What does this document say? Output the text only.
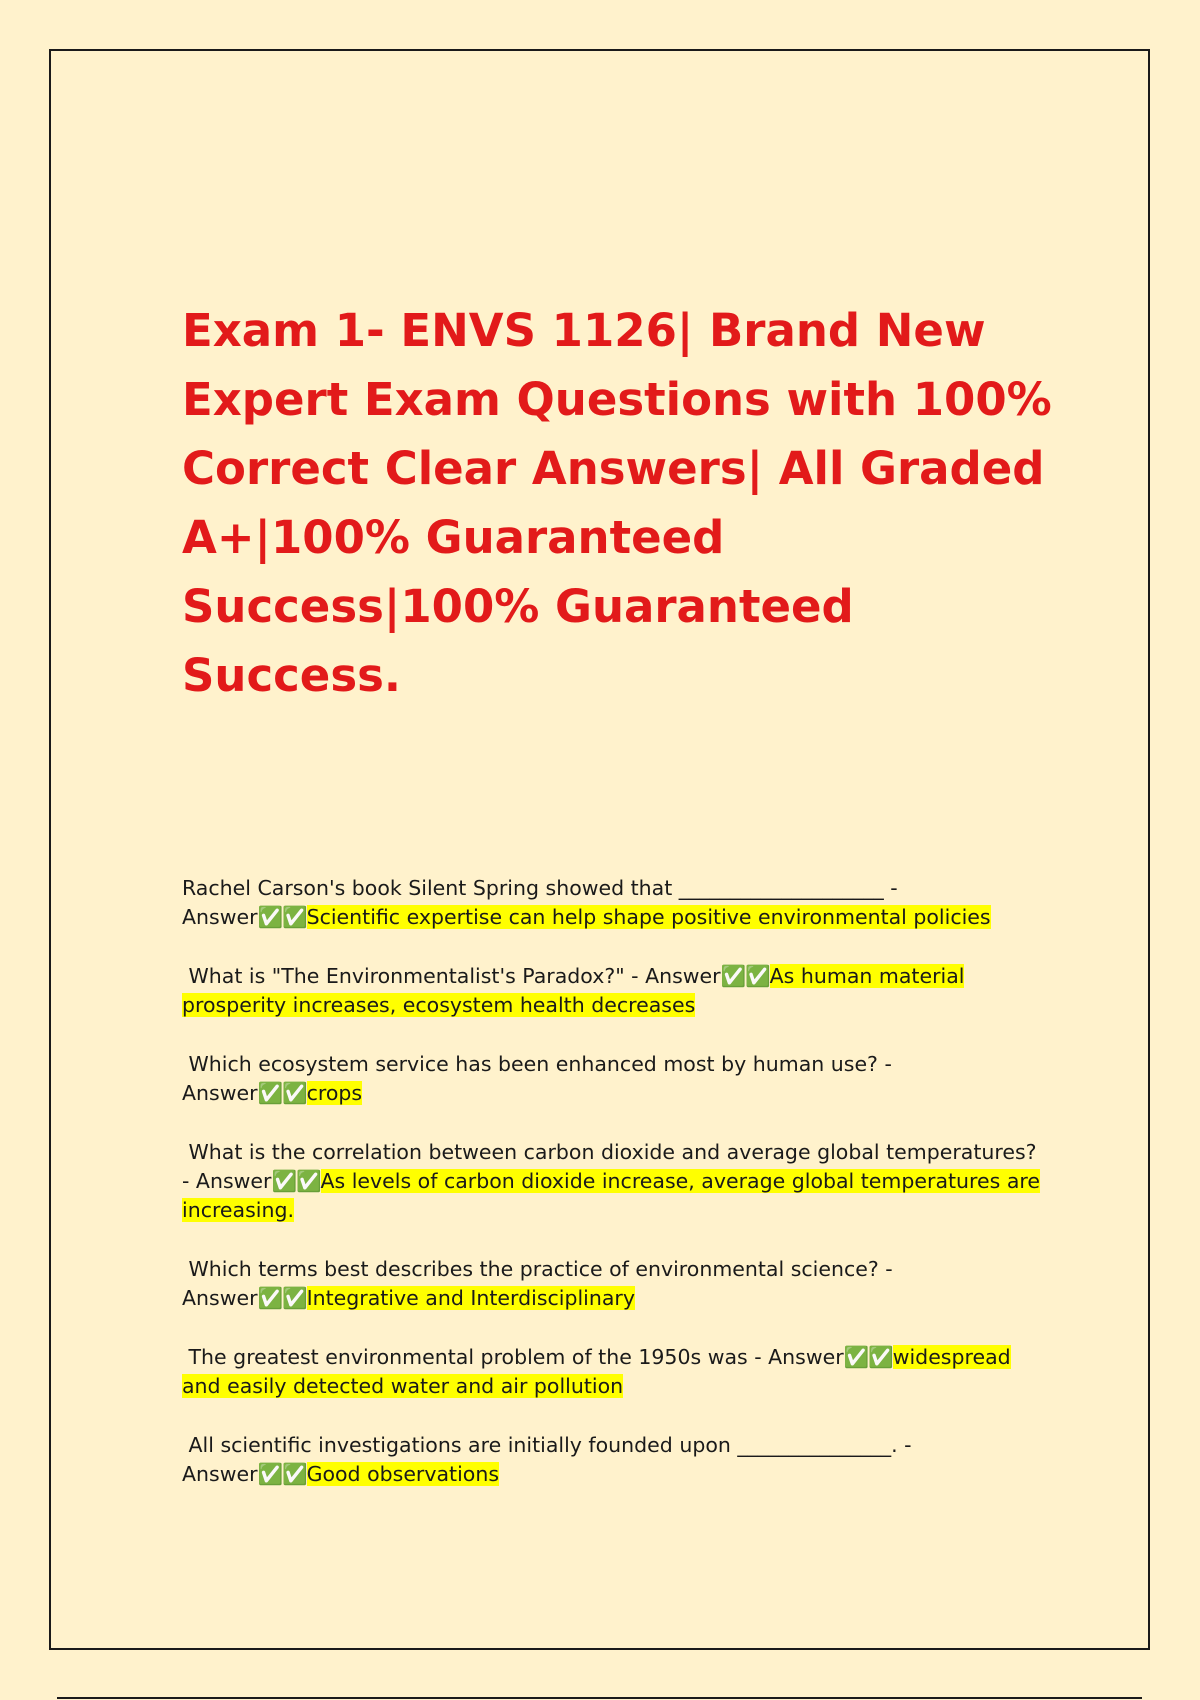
Exam 1- ENVS 1126| Brand New Expert Exam Questions with 100% Correct Clear Answers| All Graded A+|100% Guaranteed Success|100% Guaranteed Success.
Rachel Carson's book Silent Spring showed that ____________________ - Answer✅✅Scientific expertise can help shape positive environmental policies
What is "The Environmentalist's Paradox?" - Answer✅✅As human material prosperity increases, ecosystem health decreases
Which ecosystem service has been enhanced most by human use? - Answer✅✅crops
What is the correlation between carbon dioxide and average global temperatures? - Answer✅✅As levels of carbon dioxide increase, average global temperatures are increasing.
Which terms best describes the practice of environmental science? - Answer✅✅Integrative and Interdisciplinary
The greatest environmental problem of the 1950s was - Answer✅✅widespread and easily detected water and air pollution
All scientific investigations are initially founded upon _______________. - Answer✅✅Good observations
